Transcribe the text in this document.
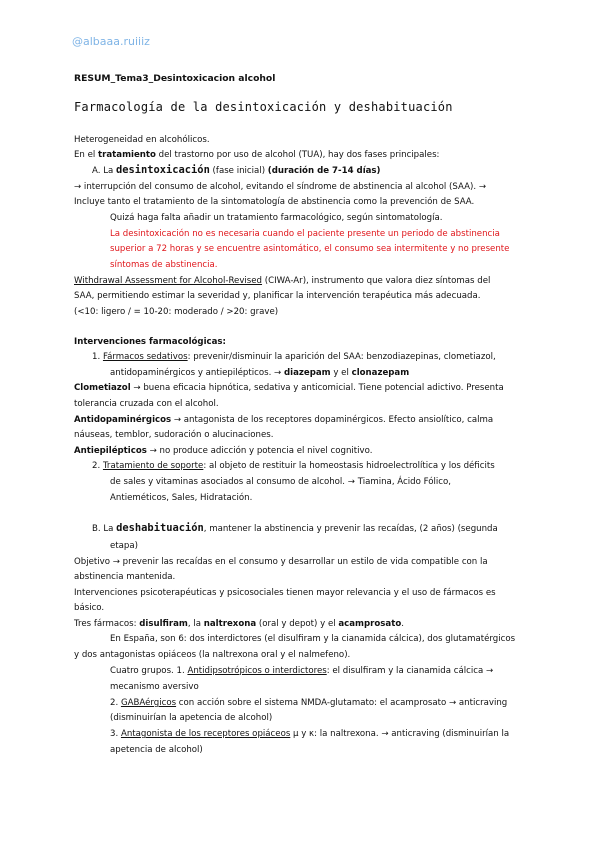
@albaaa.ruiiiz
RESUM_Tema3_Desintoxicacion alcohol
Farmacología de la desintoxicación y deshabituación
Heterogeneidad en alcohólicos.
En el tratamiento del trastorno por uso de alcohol (TUA), hay dos fases principales:
A. La desintoxicación (fase inicial) (duración de 7-14 días)
→ interrupción del consumo de alcohol, evitando el síndrome de abstinencia al alcohol (SAA). →
Incluye tanto el tratamiento de la sintomatología de abstinencia como la prevención de SAA.
Quizá haga falta añadir un tratamiento farmacológico, según sintomatología.
La desintoxicación no es necesaria cuando el paciente presente un periodo de abstinencia
superior a 72 horas y se encuentre asintomático, el consumo sea intermitente y no presente
síntomas de abstinencia.
Withdrawal Assessment for Alcohol-Revised (CIWA-Ar), instrumento que valora diez síntomas del
SAA, permitiendo estimar la severidad y, planificar la intervención terapéutica más adecuada.
(<10: ligero / = 10-20: moderado / >20: grave)
Intervenciones farmacológicas:
1. Fármacos sedativos: prevenir/disminuir la aparición del SAA: benzodiazepinas, clometiazol,
antidopaminérgicos y antiepilépticos. → diazepam y el clonazepam
Clometiazol → buena eficacia hipnótica, sedativa y anticomicial. Tiene potencial adictivo. Presenta
tolerancia cruzada con el alcohol.
Antidopaminérgicos → antagonista de los receptores dopaminérgicos. Efecto ansiolítico, calma
náuseas, temblor, sudoración o alucinaciones.
Antiepilépticos → no produce adicción y potencia el nivel cognitivo.
2. Tratamiento de soporte: al objeto de restituir la homeostasis hidroelectrolítica y los déficits
de sales y vitaminas asociados al consumo de alcohol. → Tiamina, Ácido Fólico,
Antieméticos, Sales, Hidratación.
B. La deshabituación, mantener la abstinencia y prevenir las recaídas, (2 años) (segunda
etapa)
Objetivo → prevenir las recaídas en el consumo y desarrollar un estilo de vida compatible con la
abstinencia mantenida.
Intervenciones psicoterapéuticas y psicosociales tienen mayor relevancia y el uso de fármacos es
básico.
Tres fármacos: disulfiram, la naltrexona (oral y depot) y el acamprosato.
En España, son 6: dos interdictores (el disulfiram y la cianamida cálcica), dos glutamatérgicos
y dos antagonistas opiáceos (la naltrexona oral y el nalmefeno).
Cuatro grupos. 1. Antidipsotrópicos o interdictores: el disulfiram y la cianamida cálcica →
mecanismo aversivo
2. GABAérgicos con acción sobre el sistema NMDA-glutamato: el acamprosato → anticraving
(disminuirían la apetencia de alcohol)
3. Antagonista de los receptores opiáceos μ y κ: la naltrexona. → anticraving (disminuirían la
apetencia de alcohol)
